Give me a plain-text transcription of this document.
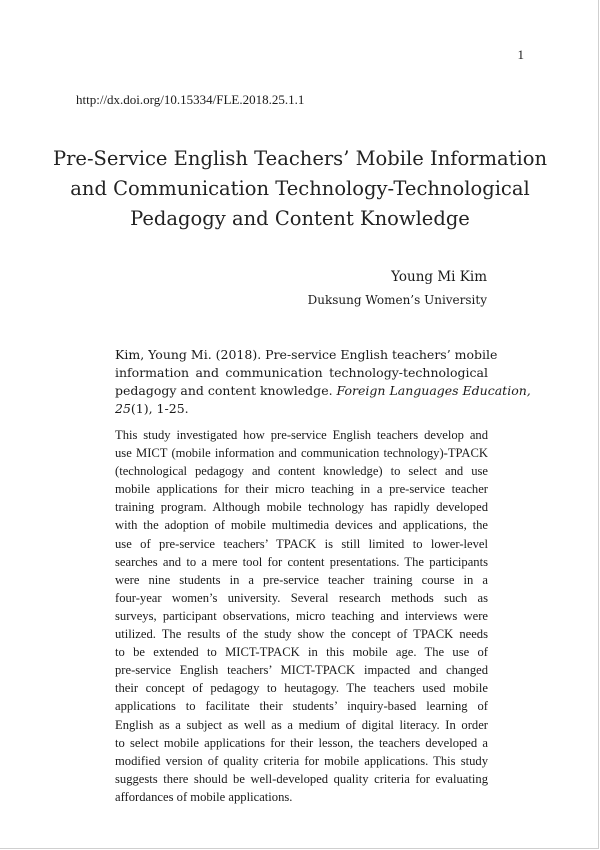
1
http://dx.doi.org/10.15334/FLE.2018.25.1.1
Pre-Service English Teachers’ Mobile Information
and Communication Technology-Technological
Pedagogy and Content Knowledge
Young Mi Kim
Duksung Women’s University
Kim, Young Mi. (2018). Pre-service English teachers’ mobile
information and communication technology-technological
pedagogy and content knowledge. Foreign Languages Education,
25(1), 1-25.
This study investigated how pre-service English teachers develop and
use MICT (mobile information and communication technology)-TPACK
(technological pedagogy and content knowledge) to select and use
mobile applications for their micro teaching in a pre-service teacher
training program. Although mobile technology has rapidly developed
with the adoption of mobile multimedia devices and applications, the
use of pre-service teachers’ TPACK is still limited to lower-level
searches and to a mere tool for content presentations. The participants
were nine students in a pre-service teacher training course in a
four-year women’s university. Several research methods such as
surveys, participant observations, micro teaching and interviews were
utilized. The results of the study show the concept of TPACK needs
to be extended to MICT-TPACK in this mobile age. The use of
pre-service English teachers’ MICT-TPACK impacted and changed
their concept of pedagogy to heutagogy. The teachers used mobile
applications to facilitate their students’ inquiry-based learning of
English as a subject as well as a medium of digital literacy. In order
to select mobile applications for their lesson, the teachers developed a
modified version of quality criteria for mobile applications. This study
suggests there should be well-developed quality criteria for evaluating
affordances of mobile applications.
